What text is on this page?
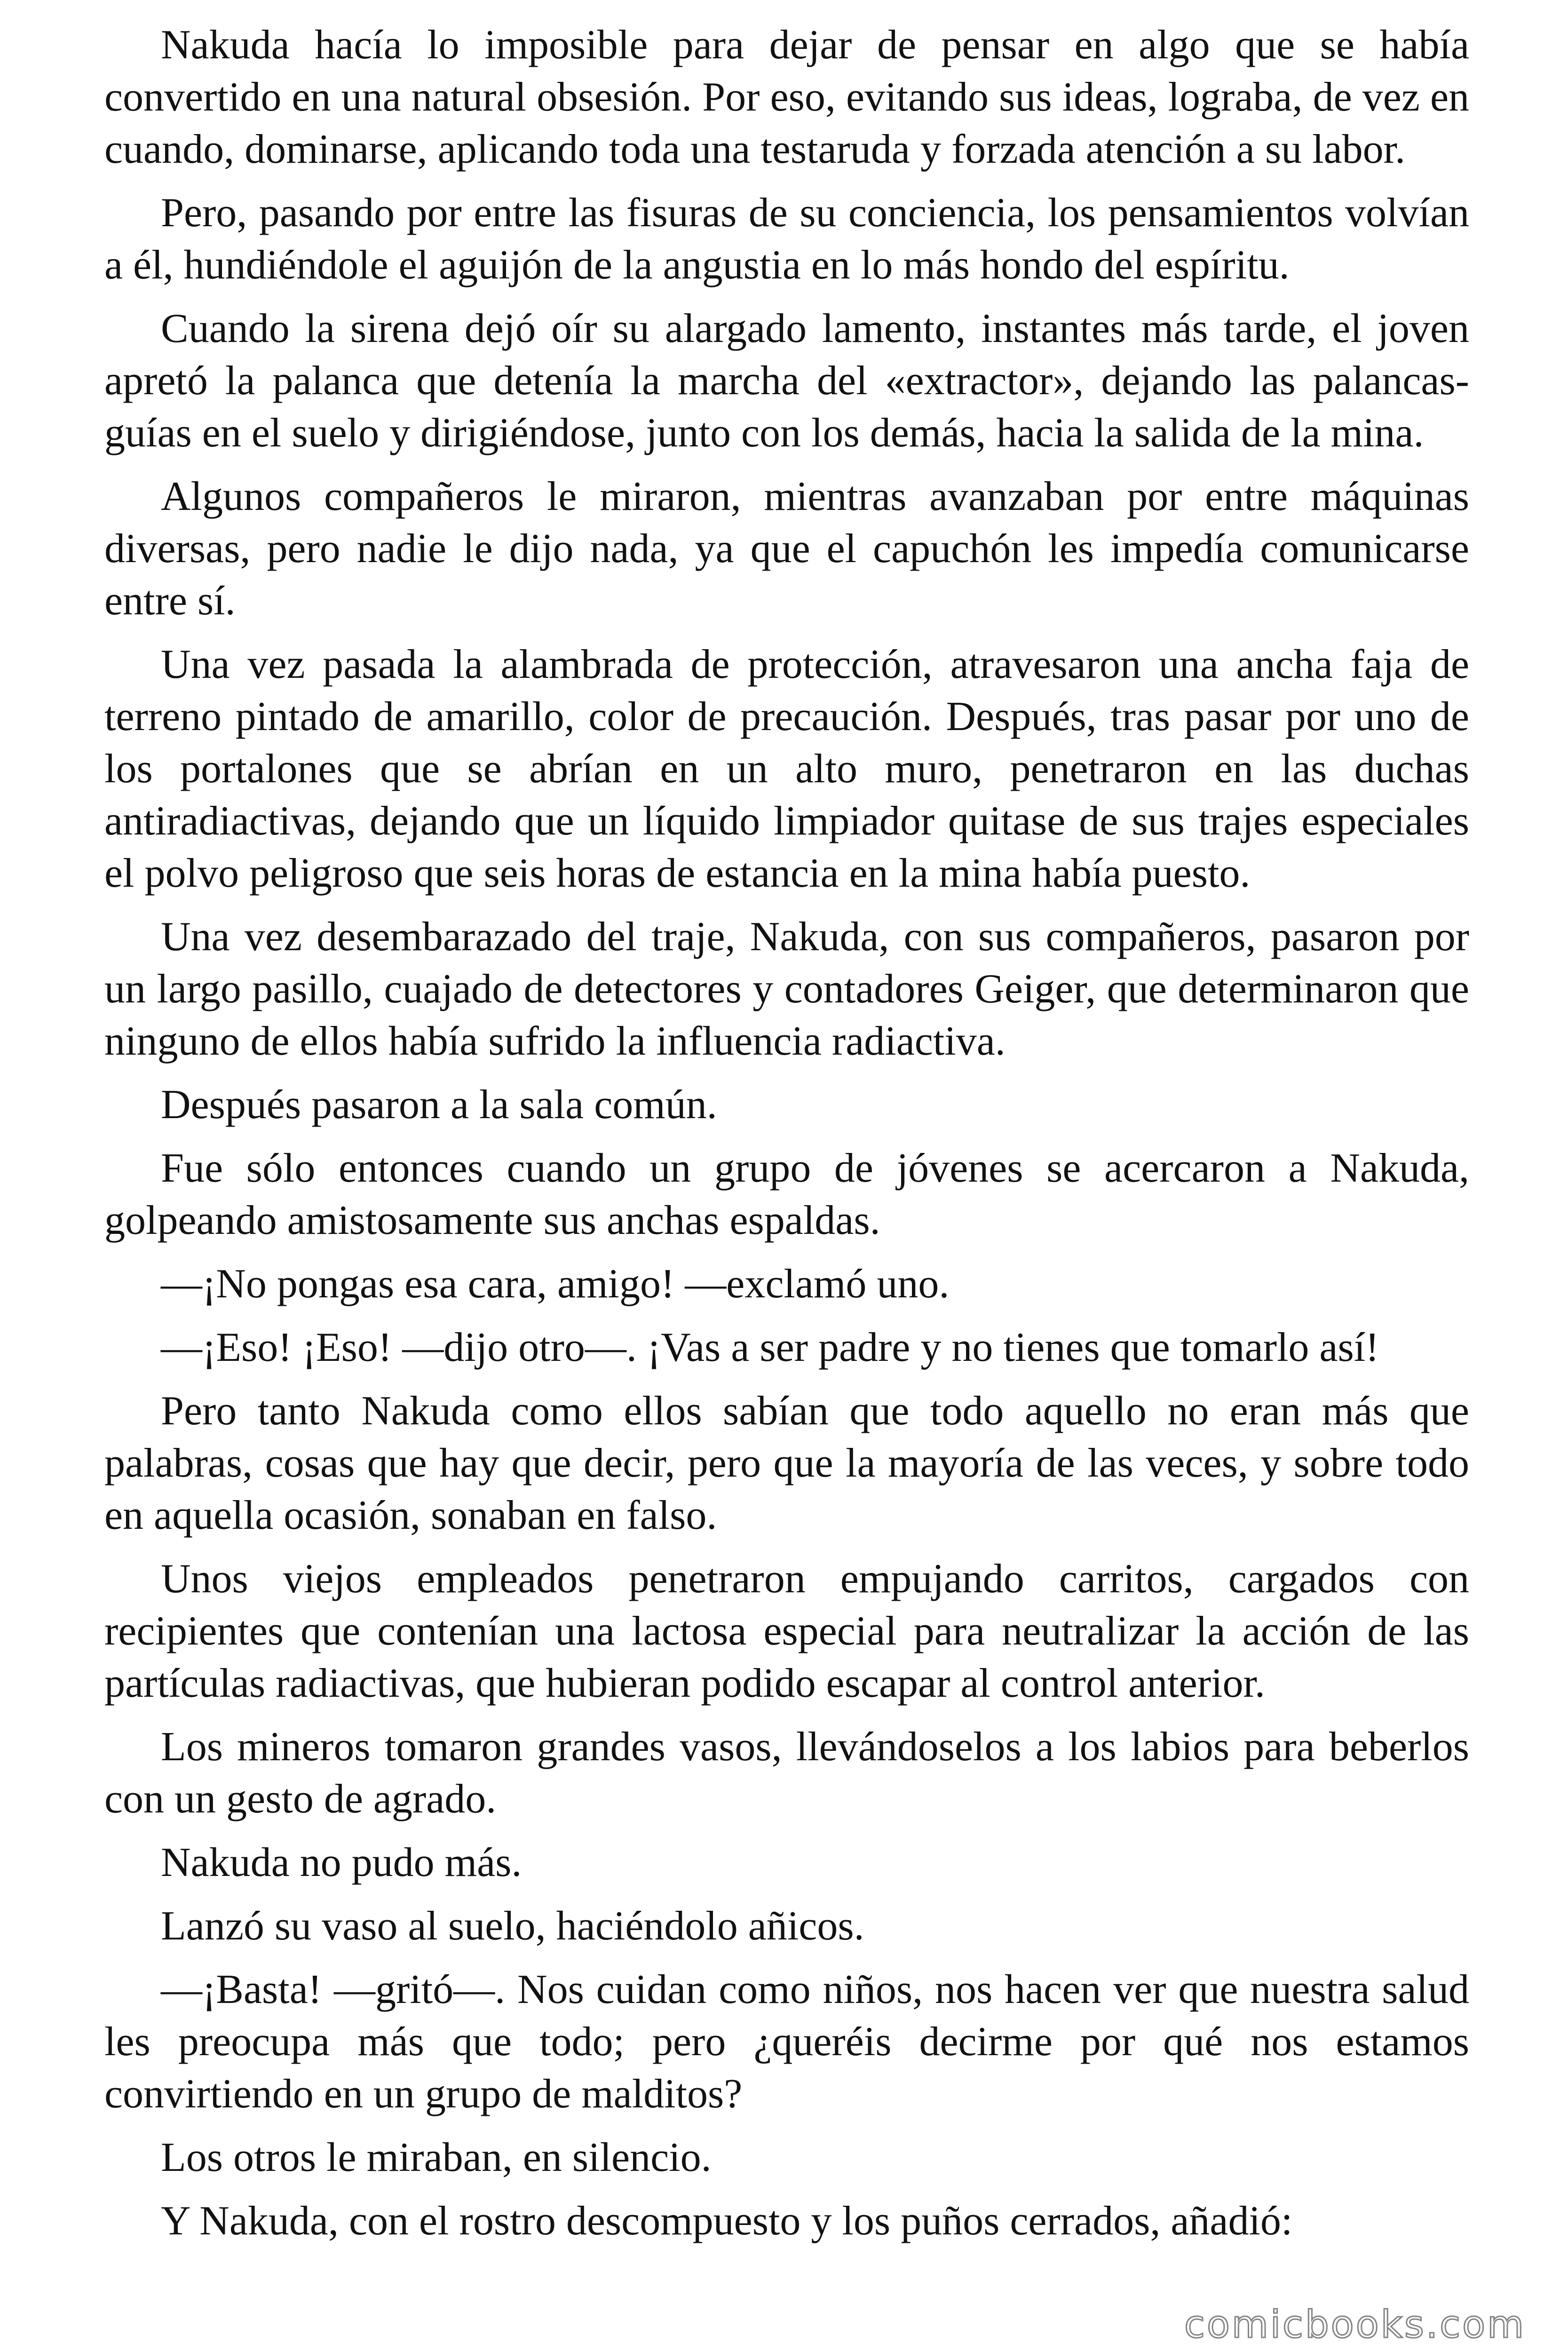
Nakuda hacía lo imposible para dejar de pensar en algo que se había convertido en una natural obsesión. Por eso, evitando sus ideas, lograba, de vez en cuando, dominarse, aplicando toda una testaruda y forzada atención a su labor.

Pero, pasando por entre las fisuras de su conciencia, los pensamientos volvían a él, hundiéndole el aguijón de la angustia en lo más hondo del espíritu.

Cuando la sirena dejó oír su alargado lamento, instantes más tarde, el joven apretó la palanca que detenía la marcha del «extractor», dejando las palancas-guías en el suelo y dirigiéndose, junto con los demás, hacia la salida de la mina.

Algunos compañeros le miraron, mientras avanzaban por entre máquinas diversas, pero nadie le dijo nada, ya que el capuchón les impedía comunicarse entre sí.

Una vez pasada la alambrada de protección, atravesaron una ancha faja de terreno pintado de amarillo, color de precaución. Después, tras pasar por uno de los portalones que se abrían en un alto muro, penetraron en las duchas antiradiactivas, dejando que un líquido limpiador quitase de sus trajes especiales el polvo peligroso que seis horas de estancia en la mina había puesto.

Una vez desembarazado del traje, Nakuda, con sus compañeros, pasaron por un largo pasillo, cuajado de detectores y contadores Geiger, que determinaron que ninguno de ellos había sufrido la influencia radiactiva.

Después pasaron a la sala común.

Fue sólo entonces cuando un grupo de jóvenes se acercaron a Nakuda, golpeando amistosamente sus anchas espaldas.

—¡No pongas esa cara, amigo! —exclamó uno.

—¡Eso! ¡Eso! —dijo otro—. ¡Vas a ser padre y no tienes que tomarlo así!

Pero tanto Nakuda como ellos sabían que todo aquello no eran más que palabras, cosas que hay que decir, pero que la mayoría de las veces, y sobre todo en aquella ocasión, sonaban en falso.

Unos viejos empleados penetraron empujando carritos, cargados con recipientes que contenían una lactosa especial para neutralizar la acción de las partículas radiactivas, que hubieran podido escapar al control anterior.

Los mineros tomaron grandes vasos, llevándoselos a los labios para beberlos con un gesto de agrado.

Nakuda no pudo más.

Lanzó su vaso al suelo, haciéndolo añicos.

—¡Basta! —gritó—. Nos cuidan como niños, nos hacen ver que nuestra salud les preocupa más que todo; pero ¿queréis decirme por qué nos estamos convirtiendo en un grupo de malditos?

Los otros le miraban, en silencio.

Y Nakuda, con el rostro descompuesto y los puños cerrados, añadió:

comicbooks.com
